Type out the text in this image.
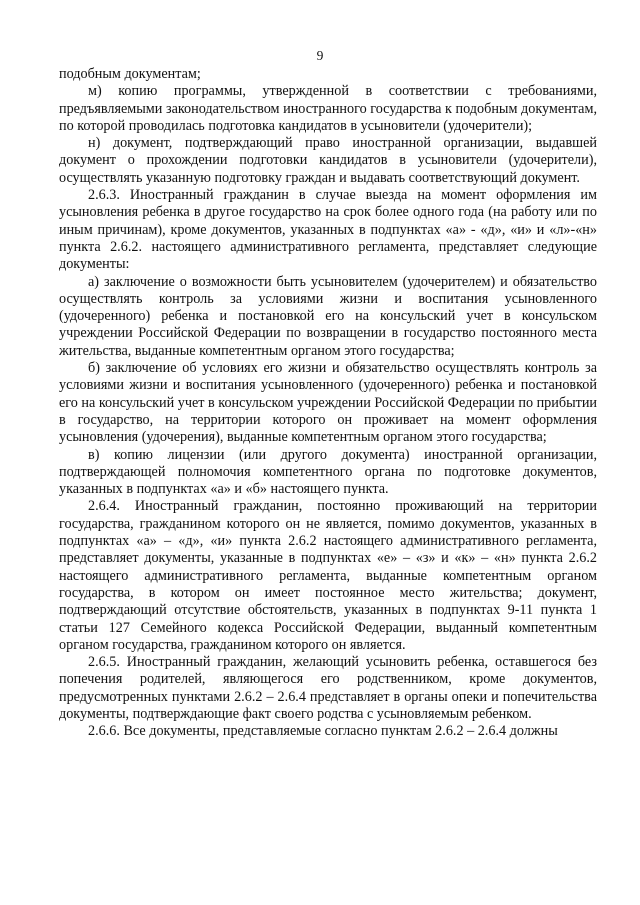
9

подобным документам;

м) копию программы, утвержденной в соответствии с требованиями, предъявляемыми законодательством иностранного государства к подобным документам, по которой проводилась подготовка кандидатов в усыновители (удочерители);

н) документ, подтверждающий право иностранной организации, выдавшей документ о прохождении подготовки кандидатов в усыновители (удочерители), осуществлять указанную подготовку граждан и выдавать соответствующий документ.

2.6.3. Иностранный гражданин в случае выезда на момент оформления им усыновления ребенка в другое государство на срок более одного года (на работу или по иным причинам), кроме документов, указанных в подпунктах «а» - «д», «и» и «л»-«н» пункта 2.6.2. настоящего административного регламента, представляет следующие документы:

а) заключение о возможности быть усыновителем (удочерителем) и обязательство осуществлять контроль за условиями жизни и воспитания усыновленного (удочеренного) ребенка и постановкой его на консульский учет в консульском учреждении Российской Федерации по возвращении в государство постоянного места жительства, выданные компетентным органом этого государства;

б) заключение об условиях его жизни и обязательство осуществлять контроль за условиями жизни и воспитания усыновленного (удочеренного) ребенка и постановкой его на консульский учет в консульском учреждении Российской Федерации по прибытии в государство, на территории которого он проживает на момент оформления усыновления (удочерения), выданные компетентным органом этого государства;

в) копию лицензии (или другого документа) иностранной организации, подтверждающей полномочия компетентного органа по подготовке документов, указанных в подпунктах «а» и «б» настоящего пункта.

2.6.4. Иностранный гражданин, постоянно проживающий на территории государства, гражданином которого он не является, помимо документов, указанных в подпунктах «а» – «д», «и» пункта 2.6.2 настоящего административного регламента, представляет документы, указанные в подпунктах «е» – «з» и «к» – «н» пункта 2.6.2 настоящего административного регламента, выданные компетентным органом государства, в котором он имеет постоянное место жительства; документ, подтверждающий отсутствие обстоятельств, указанных в подпунктах 9-11 пункта 1 статьи 127 Семейного кодекса Российской Федерации, выданный компетентным органом государства, гражданином которого он является.

2.6.5. Иностранный гражданин, желающий усыновить ребенка, оставшегося без попечения родителей, являющегося его родственником, кроме документов, предусмотренных пунктами 2.6.2 – 2.6.4 представляет в органы опеки и попечительства документы, подтверждающие факт своего родства с усыновляемым ребенком.

2.6.6. Все документы, представляемые согласно пунктам 2.6.2 – 2.6.4 должны
